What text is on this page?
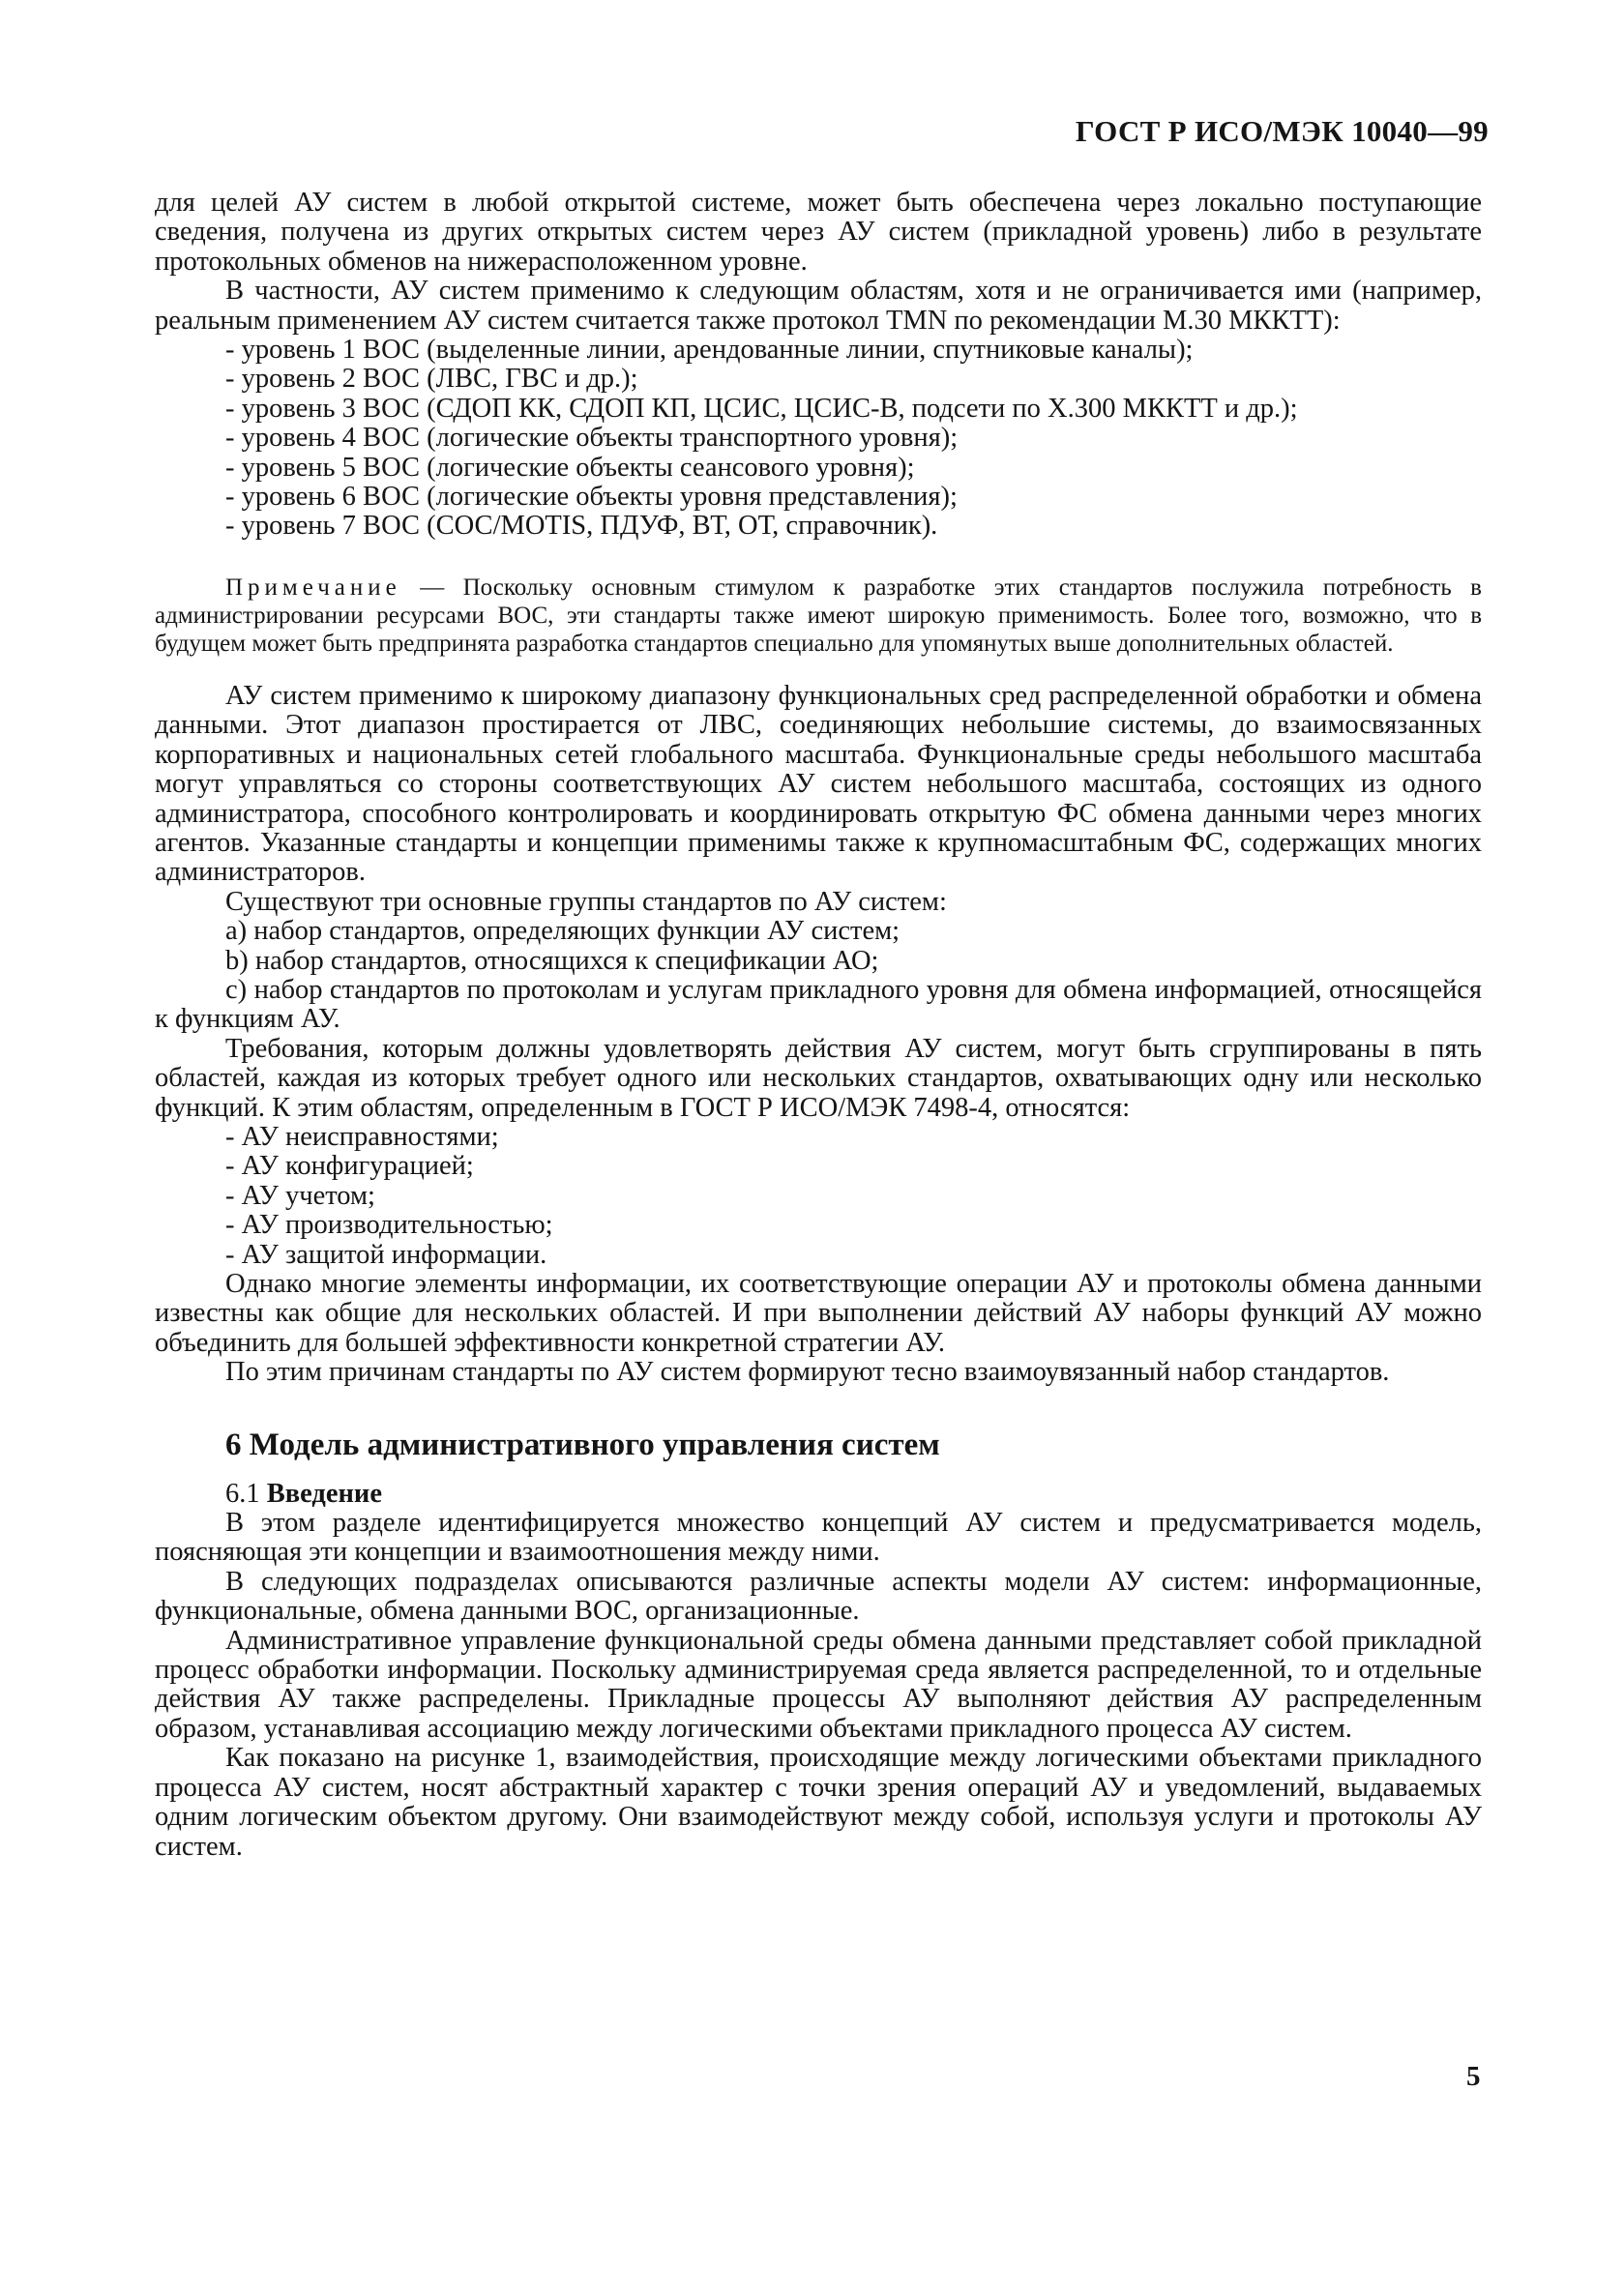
ГОСТ Р ИСО/МЭК 10040—99

для целей АУ систем в любой открытой системе, может быть обеспечена через локально поступающие сведения, получена из других открытых систем через АУ систем (прикладной уровень) либо в результате протокольных обменов на нижерасположенном уровне.

В частности, АУ систем применимо к следующим областям, хотя и не ограничивается ими (например, реальным применением АУ систем считается также протокол TMN по рекомендации М.30 МККТТ):

- уровень 1 ВОС (выделенные линии, арендованные линии, спутниковые каналы);

- уровень 2 ВОС (ЛВС, ГВС и др.);

- уровень 3 ВОС (СДОП КК, СДОП КП, ЦСИС, ЦСИС-В, подсети по X.300 МККТТ и др.);

- уровень 4 ВОС (логические объекты транспортного уровня);

- уровень 5 ВОС (логические объекты сеансового уровня);

- уровень 6 ВОС (логические объекты уровня представления);

- уровень 7 ВОС (СОС/MOTIS, ПДУФ, ВТ, ОТ, справочник).

Примечание — Поскольку основным стимулом к разработке этих стандартов послужила потребность в администрировании ресурсами ВОС, эти стандарты также имеют широкую применимость. Более того, возможно, что в будущем может быть предпринята разработка стандартов специально для упомянутых выше дополнительных областей.

АУ систем применимо к широкому диапазону функциональных сред распределенной обработки и обмена данными. Этот диапазон простирается от ЛВС, соединяющих небольшие системы, до взаимосвязанных корпоративных и национальных сетей глобального масштаба. Функциональные среды небольшого масштаба могут управляться со стороны соответствующих АУ систем небольшого масштаба, состоящих из одного администратора, способного контролировать и координировать открытую ФС обмена данными через многих агентов. Указанные стандарты и концепции применимы также к крупномасштабным ФС, содержащих многих администраторов.

Существуют три основные группы стандартов по АУ систем:

a) набор стандартов, определяющих функции АУ систем;

b) набор стандартов, относящихся к спецификации АО;

c) набор стандартов по протоколам и услугам прикладного уровня для обмена информацией, относящейся к функциям АУ.

Требования, которым должны удовлетворять действия АУ систем, могут быть сгруппированы в пять областей, каждая из которых требует одного или нескольких стандартов, охватывающих одну или несколько функций. К этим областям, определенным в ГОСТ Р ИСО/МЭК 7498-4, относятся:

- АУ неисправностями;

- АУ конфигурацией;

- АУ учетом;

- АУ производительностью;

- АУ защитой информации.

Однако многие элементы информации, их соответствующие операции АУ и протоколы обмена данными известны как общие для нескольких областей. И при выполнении действий АУ наборы функций АУ можно объединить для большей эффективности конкретной стратегии АУ.

По этим причинам стандарты по АУ систем формируют тесно взаимоувязанный набор стандартов.

6 Модель административного управления систем

6.1 Введение

В этом разделе идентифицируется множество концепций АУ систем и предусматривается модель, поясняющая эти концепции и взаимоотношения между ними.

В следующих подразделах описываются различные аспекты модели АУ систем: информационные, функциональные, обмена данными ВОС, организационные.

Административное управление функциональной среды обмена данными представляет собой прикладной процесс обработки информации. Поскольку администрируемая среда является распределенной, то и отдельные действия АУ также распределены. Прикладные процессы АУ выполняют действия АУ распределенным образом, устанавливая ассоциацию между логическими объектами прикладного процесса АУ систем.

Как показано на рисунке 1, взаимодействия, происходящие между логическими объектами прикладного процесса АУ систем, носят абстрактный характер с точки зрения операций АУ и уведомлений, выдаваемых одним логическим объектом другому. Они взаимодействуют между собой, используя услуги и протоколы АУ систем.

5
